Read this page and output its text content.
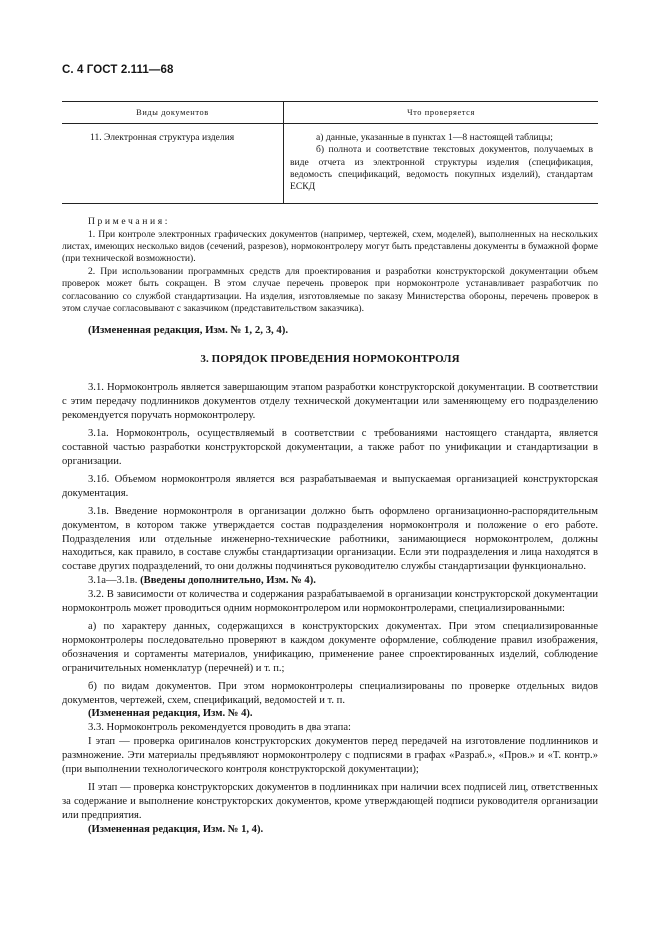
С. 4 ГОСТ 2.111—68
Виды документов	Что проверяется
11. Электронная структура изделия	а) данные, указанные в пунктах 1—8 настоящей таблицы;

б) полнота и соответствие текстовых документов, получаемых в виде отчета из электронной структуры изделия (спецификация, ведомость спецификаций, ведомость покупных изделий), стандартам ЕСКД

Примечания:

1. При контроле электронных графических документов (например, чертежей, схем, моделей), выполненных на нескольких листах, имеющих несколько видов (сечений, разрезов), нормоконтролеру могут быть представлены документы в бумажной форме (при технической возможности).

2. При использовании программных средств для проектирования и разработки конструкторской документации объем проверок может быть сокращен. В этом случае перечень проверок при нормоконтроле устанавливает разработчик по согласованию со службой стандартизации. На изделия, изготовляемые по заказу Министерства обороны, перечень проверок в этом случае согласовывают с заказчиком (представительством заказчика).

(Измененная редакция, Изм. № 1, 2, 3, 4).

3. ПОРЯДОК ПРОВЕДЕНИЯ НОРМОКОНТРОЛЯ

3.1. Нормоконтроль является завершающим этапом разработки конструкторской документации. В соответствии с этим передачу подлинников документов отделу технической документации или заменяющему его подразделению рекомендуется поручать нормоконтролеру.

3.1а. Нормоконтроль, осуществляемый в соответствии с требованиями настоящего стандарта, является составной частью разработки конструкторской документации, а также работ по унификации и стандартизации в организации.

3.1б. Объемом нормоконтроля является вся разрабатываемая и выпускаемая организацией конструкторская документация.

3.1в. Введение нормоконтроля в организации должно быть оформлено организационно-распорядительным документом, в котором также утверждается состав подразделения нормоконтроля и положение о его работе. Подразделения или отдельные инженерно-технические работники, занимающиеся нормоконтролем, должны находиться, как правило, в составе службы стандартизации организации. Если эти подразделения и лица находятся в составе других подразделений, то они должны подчиняться руководителю службы стандартизации функционально.

3.1а—3.1в. (Введены дополнительно, Изм. № 4).

3.2. В зависимости от количества и содержания разрабатываемой в организации конструкторской документации нормоконтроль может проводиться одним нормоконтролером или нормоконтролерами, специализированными:

а) по характеру данных, содержащихся в конструкторских документах. При этом специализированные нормоконтролеры последовательно проверяют в каждом документе оформление, соблюдение правил изображения, обозначения и сортаменты материалов, унификацию, применение ранее спроектированных изделий, соблюдение ограничительных номенклатур (перечней) и т. п.;

б) по видам документов. При этом нормоконтролеры специализированы по проверке отдельных видов документов, чертежей, схем, спецификаций, ведомостей и т. п.

(Измененная редакция, Изм. № 4).

3.3. Нормоконтроль рекомендуется проводить в два этапа:

I этап — проверка оригиналов конструкторских документов перед передачей на изготовление подлинников и размножение. Эти материалы предъявляют нормоконтролеру с подписями в графах «Разраб.», «Пров.» и «Т. контр.» (при выполнении технологического контроля конструкторской документации);

II этап — проверка конструкторских документов в подлинниках при наличии всех подписей лиц, ответственных за содержание и выполнение конструкторских документов, кроме утверждающей подписи руководителя организации или предприятия.

(Измененная редакция, Изм. № 1, 4).
